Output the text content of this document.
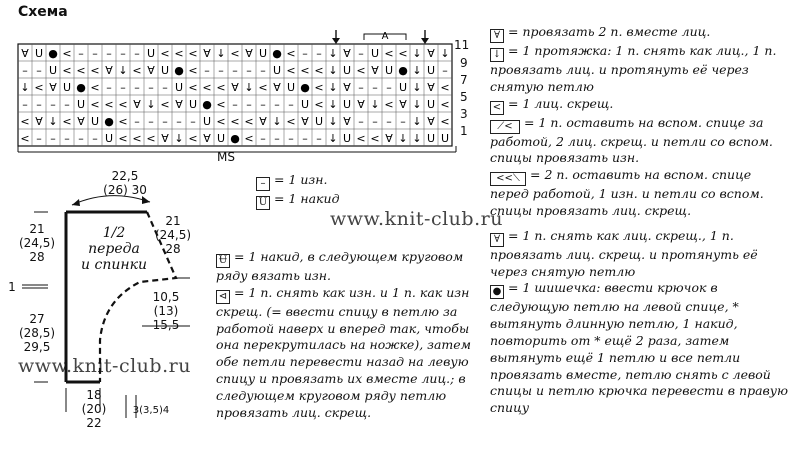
Схема
∀ U ● < – – – – – U < < < ∀ ↓ < ∀ U ● < – – ↓ ∀ – U < < ↓ ∀ ↓
– – U < < < ∀ ↓ < ∀ U ● < – – – – – U < < < ↓ U < ∀ U ● ↓ U –
↓ < ∀ U ● < – – – – – U < < < ∀ ↓ < ∀ U ● < ↓ ∀ – – – U ↓ ∀ <
– – – – U < < < ∀ ↓ < ∀ U ● < – – – – – U < ↓ U ∀ ↓ < ∀ ↓ U <
< ∀ ↓ < ∀ U ● < – – – – – U < < < ∀ ↓ < ∀ U ↓ ∀ – – – – ↓ ∀ <
< – – – – – U < < < ∀ ↓ < ∀ U ● < – – – – – ↓ U < < ∀ ↓ ↓ U U
A
MS
11
9
7
5
3
1
∀ = провязать 2 п. вместе лиц.
↓ = 1 протяжка: 1 п. снять как лиц., 1 п. провязать лиц. и протянуть её через снятую петлю
< = 1 лиц. скрещ.
⟋< = 1 п. оставить на вспом. спице за работой, 2 лиц. скрещ. и петли со вспом. спицы провязать изн.
<<⟍ = 2 п. оставить на вспом. спице перед работой, 1 изн. и петли со вспом. спицы провязать лиц. скрещ.
∀ = 1 п. снять как лиц. скрещ., 1 п. провязать лиц. скрещ. и протянуть её через снятую петлю
● = 1 шишечка: ввести крючок в следующую петлю на левой спице, * вытянуть длинную петлю, 1 накид, повторить от * ещё 2 раза, затем вытянуть ещё 1 петлю и все петли провязать вместе, петлю снять с левой спицы и петлю крючка перевести в правую спицу
– = 1 изн.
U = 1 накид
Ʉ = 1 накид, в следующем круговом ряду вязать изн.
⊲ = 1 п. снять как изн. и 1 п. как изн скрещ. (= ввести спицу в петлю за работой наверх и вперед так, чтобы она перекрутилась на ножке), затем обе петли перевести назад на левую спицу и провязать их вместе лиц.; в следующем круговом ряду петлю провязать лиц. скрещ.
www.knit-club.ru
www.knit-club.ru
22,5
(26) 30
21
(24,5)
28
21
(24,5)
28
1
10,5
(13)
15,5
27
(28,5)
29,5
18
(20)
22
3(3,5)4
1/2
переда
и спинки
